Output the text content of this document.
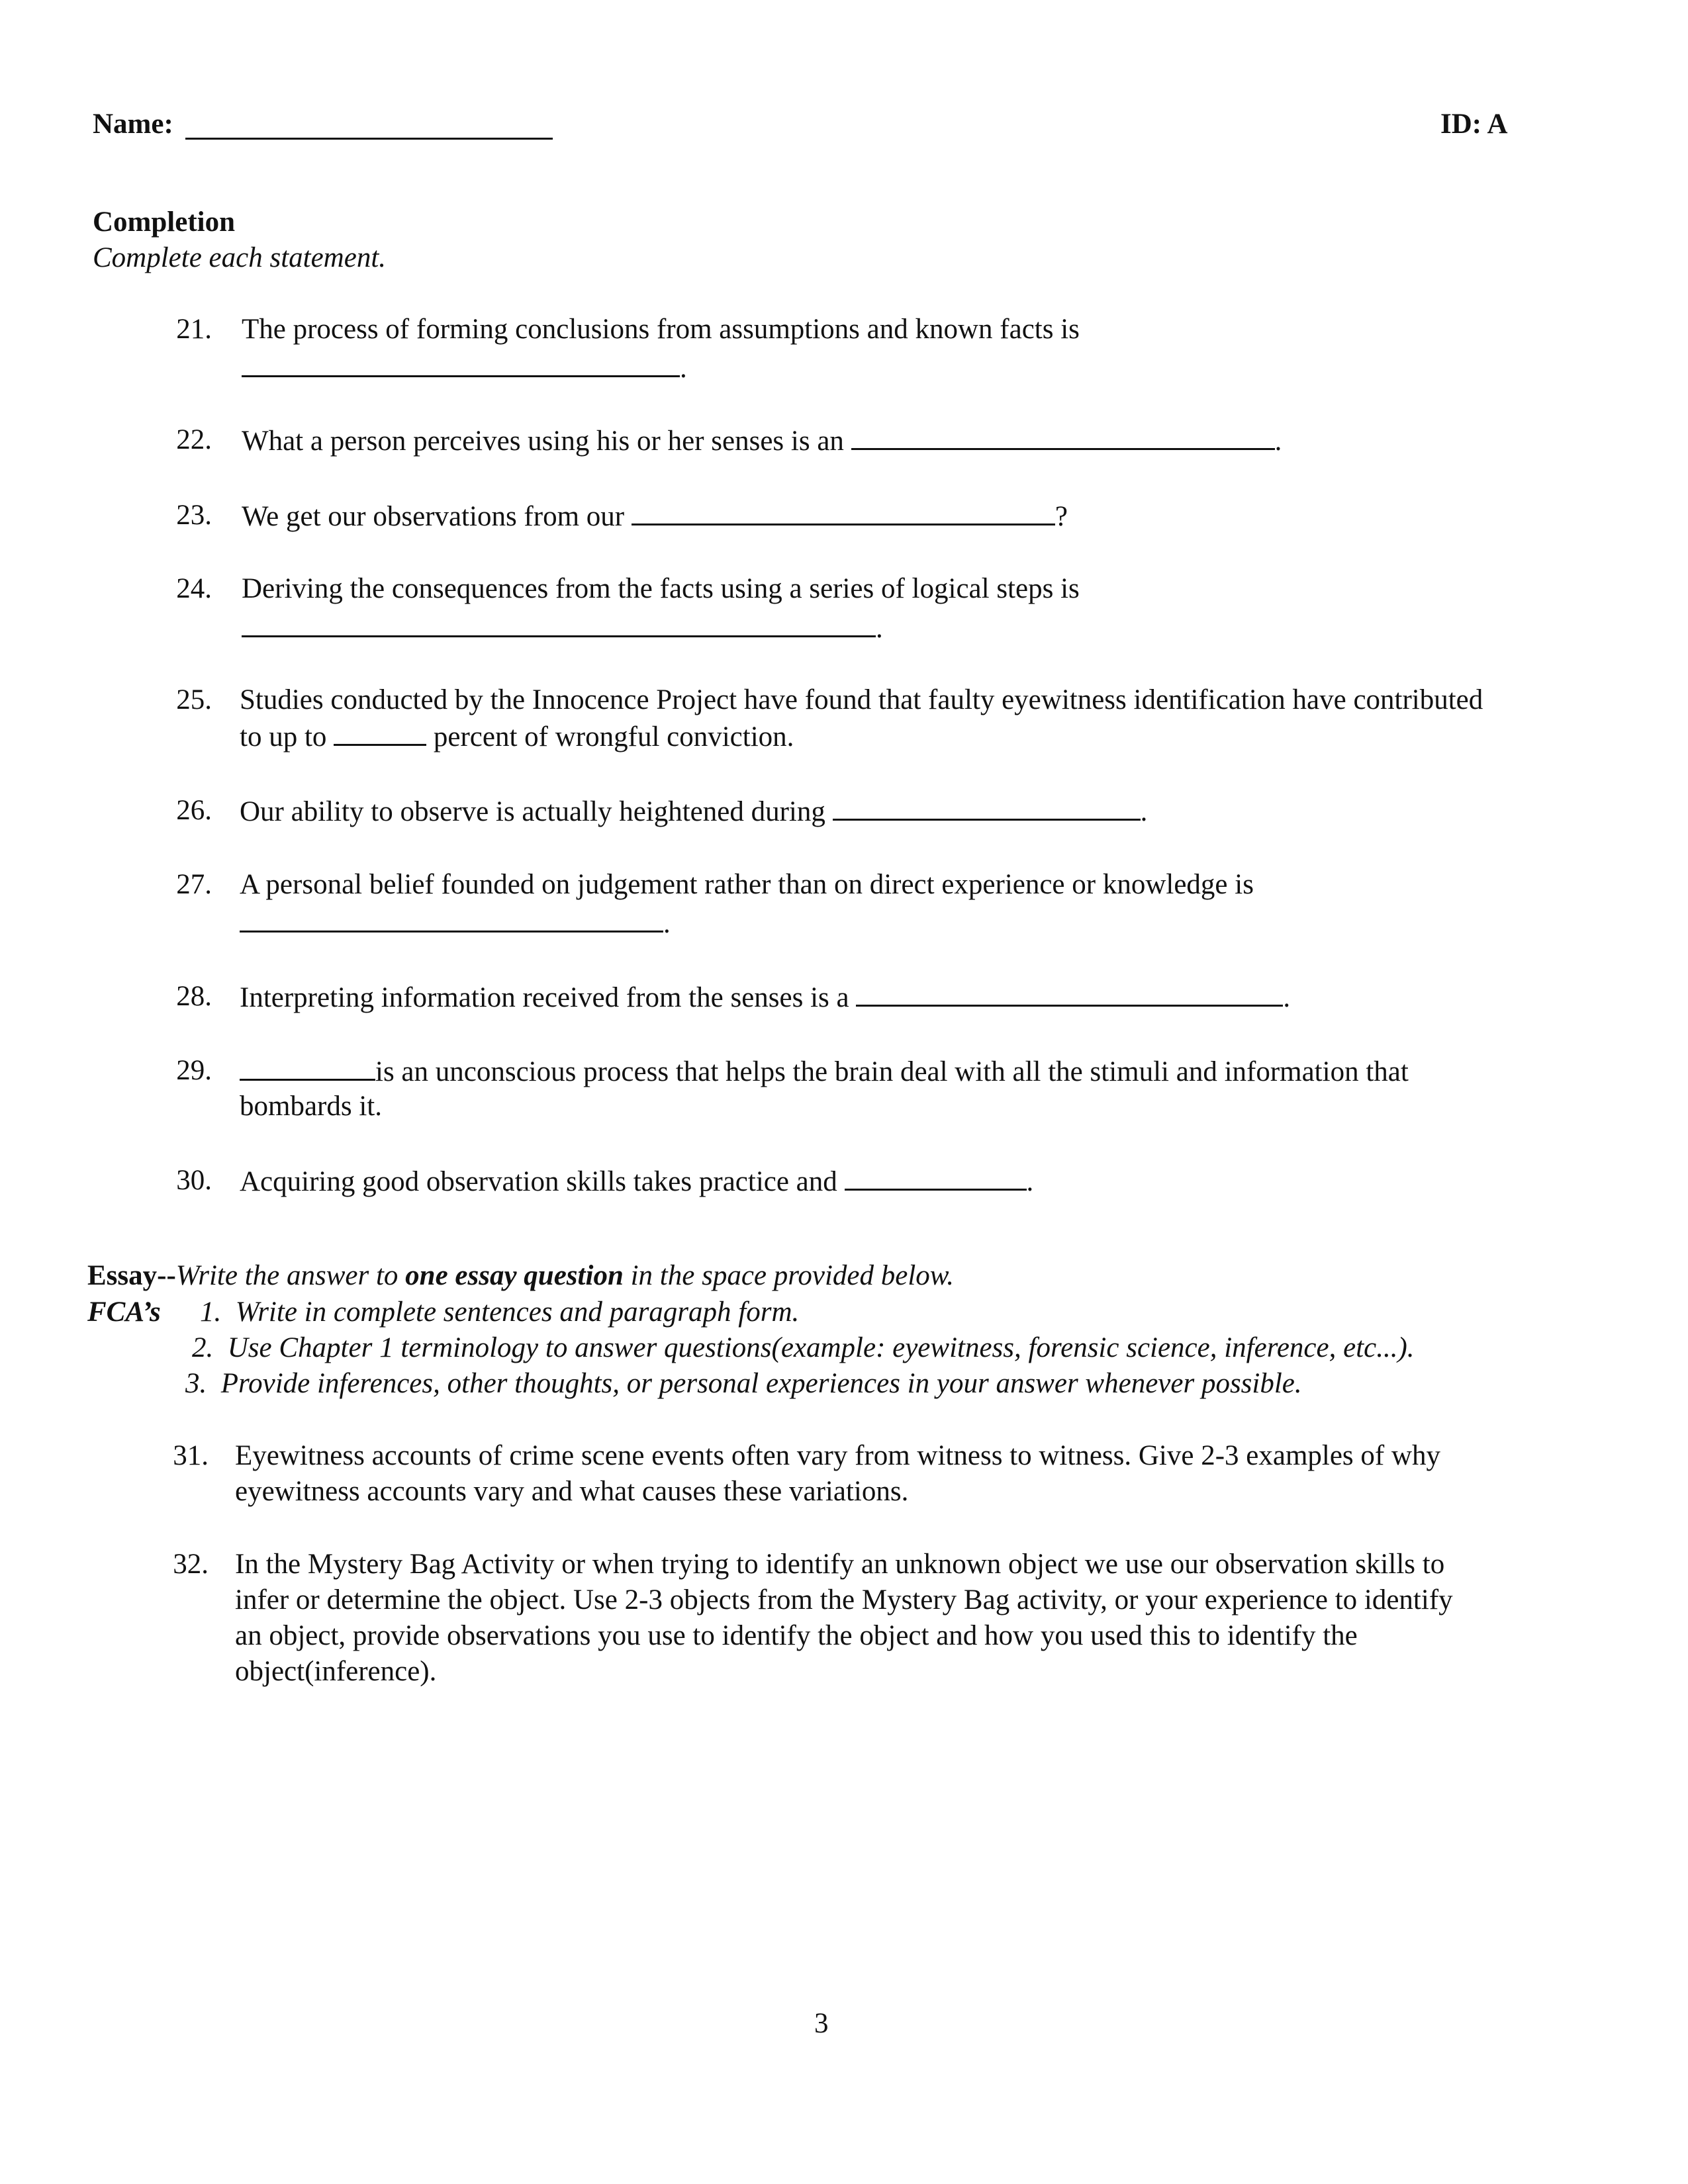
Name:	ID: A
Completion
Complete each statement.
21. The process of forming conclusions from assumptions and known facts is
.
22. What a person perceives using his or her senses is an	.
23. We get our observations from our	?
24. Deriving the consequences from the facts using a series of logical steps is
.
25. Studies conducted by the Innocence Project have found that faulty eyewitness identification have contributed
to up to	percent of wrongful conviction.
26. Our ability to observe is actually heightened during	.
27. A personal belief founded on judgement rather than on direct experience or knowledge is
.
28. Interpreting information received from the senses is a	.
29.	is an unconscious process that helps the brain deal with all the stimuli and information that
bombards it.
30. Acquiring good observation skills takes practice and	.
Essay--Write the answer to one essay question in the space provided below.
FCA’s 1. Write in complete sentences and paragraph form.
2. Use Chapter 1 terminology to answer questions(example: eyewitness, forensic science, inference, etc...).
3. Provide inferences, other thoughts, or personal experiences in your answer whenever possible.
31. Eyewitness accounts of crime scene events often vary from witness to witness. Give 2-3 examples of why
eyewitness accounts vary and what causes these variations.
32. In the Mystery Bag Activity or when trying to identify an unknown object we use our observation skills to
infer or determine the object. Use 2-3 objects from the Mystery Bag activity, or your experience to identify
an object, provide observations you use to identify the object and how you used this to identify the
object(inference).
3
